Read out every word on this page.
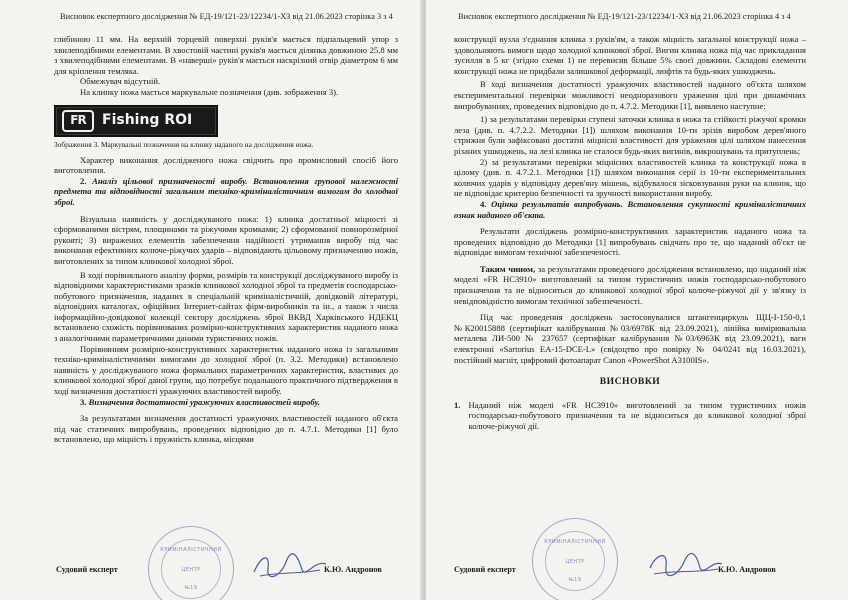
Висновок експертного дослідження № ЕД-19/121-23/12234/1-ХЗ від 21.06.2023 сторінка 3 з 4

глибиною 11 мм. На верхній торцевій поверхні руків'я мається підпальцевий упор з хвилеподібними елементами. В хвостовій частині руків'я мається ділянка довжиною 25,8 мм з хвилеподібними елементами. В «навершi» руків'я мається наскрізний отвір діаметром 6 мм для кріплення темляка.

Обмежувач відсутній.

На клинку ножа мається маркувальне позначення (див. зображення 3).

FR	Fishing ROI
Зображення 3. Маркувальні позначення на клинку наданого на дослідження ножа.

Характер виконання дослідженого ножа свідчить про промисловий спосіб його виготовлення.

2. Аналіз цільової призначеності виробу. Встановлення групової належності предмета та відповідності загальним техніко-криміналістичним вимогам до холодної зброї.

Візуальна наявність у досліджуваного ножа: 1) клинка достатньої міцності зі сформованими вістрям, площинами та ріжучими кромками; 2) сформованої повнорозмірної рукояті; 3) виражених елементів забезпечення надійності утримання виробу під час виконання ефективних колюче-ріжучих ударів – відповідають цільовому призначенню ножів, виготовлених за типом клинкової холодної зброї.

В ході порівняльного аналізу форми, розмірів та конструкції досліджуваного виробу із відповідними характеристиками зразків клинкової холодної зброї та предметів господарсько-побутового призначення, наданих в спеціальній криміналістичній, довідковій літературі, відповідних каталогах, офіційних Інтернет-сайтах фірм-виробників та ін., а також з числа інформаційно-довідкової колекції сектору досліджень зброї ВКВД Харківського НДЕКЦ встановлено схожість порівнюваних розмірно-конструктивних характеристик наданого ножа з аналогічними параметричними даними туристичних ножів.

Порівнянням розмірно-конструктивних характеристик наданого ножа із загальними техніко-криміналістичними вимогами до холодної зброї (п. 3.2. Методики) встановлено наявність у досліджуваного ножа формальних параметричних характеристик, властивих до клинкової холодної зброї даної групи, що потребує подальшого практичного підтвердження в ході визначення достатності уражуючих властивостей виробу.

3. Визначення достатності уражуючих властивостей виробу.

За результатами визначення достатності уражуючих властивостей наданого об'єкта під час статичних випробувань, проведених відповідно до п. 4.7.1. Методики [1] було встановлено, що міцність і пружність клинка, місцями

КРИМІНАЛІСТИЧНИЙ
ЦЕНТР
№19
Судовий експерт	К.Ю. Андронов
Висновок експертного дослідження № ЕД-19/121-23/12234/1-ХЗ від 21.06.2023 сторінка 4 з 4

конструкції вузла з'єднання клинка з руків'ям, а також міцність загальної конструкції ножа – здовольняють вимоги щодо холодної клинкової зброї. Вигин клинка ножа під час прикладання зусилля в 5 кг (згідно схеми 1) не перевисив більше 5% своєї довжини. Складові елементи конструкції ножа не придбали залишкової деформації, люфтів та будь-яких ушкоджень.

В ході визначення достатності уражуючих властивостей наданого об'єкта шляхом експериментальної перевірки можливості неодноразового ураження цілі при динамічних випробуваннях, проведених відповідно до п. 4.7.2. Методики [1], виявлено наступне:

1) за результатами перевірки ступені заточки клинка в ножа та стійкості ріжучої кромки леза (див. п. 4.7.2.2. Методики [1]) шляхом виконання 10-ти зрізів виробом дерев'яного стрижня були зафіксовані достатні міцнісні властивості для ураження цілі шляхом нанесення різаних ушкоджень, на лезі клинка не сталося будь-яких вигинів, викрошувань та притуплень;

2) за результатами перевірки міцнісних властивостей клинка та конструкції ножа в цілому (див. п. 4.7.2.1. Методики [1]) шляхом виконання серії із 10-ти експериментальних колючих ударів у відповідну дерев'яну мішень, відбувалося зісковзування руки на клинок, що не відповідає критерію безпечності та зручності використання виробу.

4. Оцінка результатів випробувань. Встановлення сукупності криміналістичних ознак наданого об'єкта.

Результати досліджень розмірно-конструктивних характеристик наданого ножа та проведених відповідно до Методики [1] випробувань свідчать про те, що наданий об'єкт не відповідає вимогам технічної забезпеченості.

Таким чином, за результатами проведеного дослідження встановлено, що наданий ніж моделі «FR HC3910» виготовлений за типом туристичних ножів господарсько-побутового призначення та не відноситься до клинкової холодної зброї колюче-ріжучої дії у зв'язку із невідповідністю вимогам технічної забезпеченості.

Під час проведення досліджень застосовувалися штангенциркуль ЩЦ-І-150-0,1 №К20015888 (сертифікат калібрування №03/6978К від 23.09.2021), лінійка вимірювальна металева ЛИ-500 № 237657 (сертифікат калібрування №03/6963К від 23.09.2021), ваги електронні «Sartorius EA-15-DCE-L» (свідоцтво про повірку № 04/0241 від 16.03.2021), постійний магніт, цифровий фотоапарат Canon «PowerShot A3100IS».

ВИСНОВКИ
1. Наданий ніж моделі «FR HC3910» виготовлений за типом туристичних ножів господарсько-побутового призначення та не відноситься до клинкової холодної зброї колюче-ріжучої дії.
КРИМІНАЛІСТИЧНИЙ
ЦЕНТР
№19
Судовий експерт	К.Ю. Андронов
